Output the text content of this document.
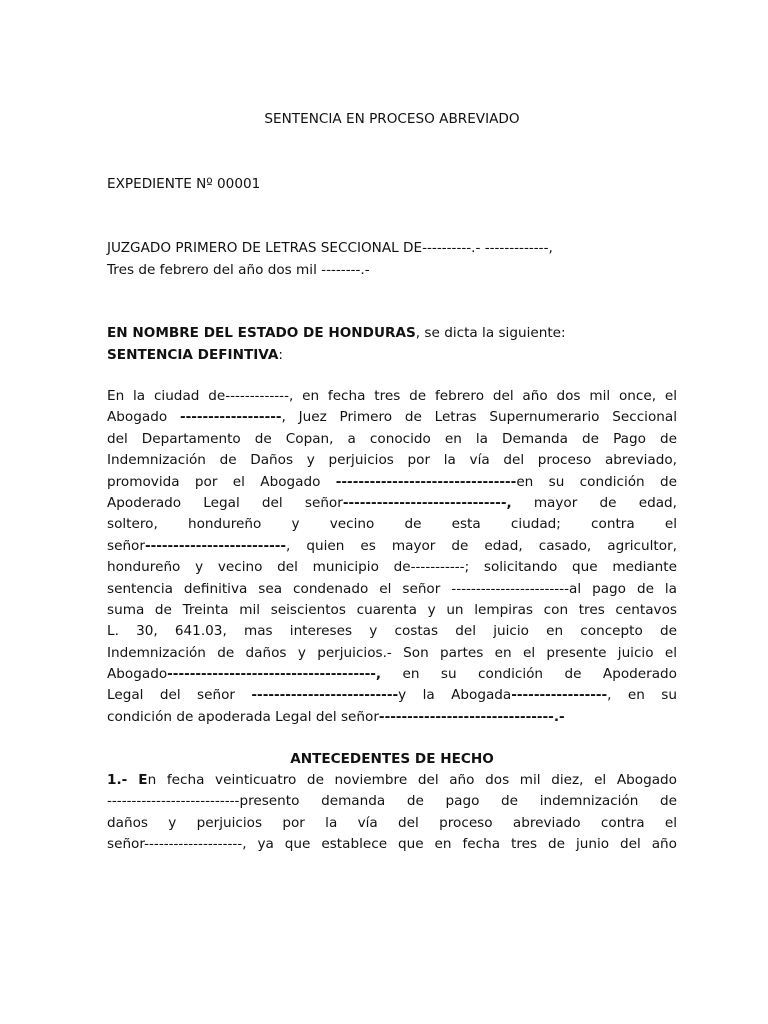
SENTENCIA EN PROCESO ABREVIADO
EXPEDIENTE Nº 00001
JUZGADO PRIMERO DE LETRAS SECCIONAL DE----------.- -------------,
Tres de febrero del año dos mil --------.-
EN NOMBRE DEL ESTADO DE HONDURAS, se dicta la siguiente:
SENTENCIA DEFINTIVA:
En la ciudad de-------------, en fecha tres de febrero del año dos mil once, el
Abogado ------------------, Juez Primero de Letras Supernumerario Seccional
del Departamento de Copan, a conocido en la Demanda de Pago de
Indemnización de Daños y perjuicios por la vía del proceso abreviado,
promovida por el Abogado --------------------------------en su condición de
Apoderado Legal del señor-----------------------------, mayor de edad,
soltero, hondureño y vecino de esta ciudad; contra el
señor-------------------------, quien es mayor de edad, casado, agricultor,
hondureño y vecino del municipio de-----------; solicitando que mediante
sentencia definitiva sea condenado el señor ------------------------al pago de la
suma de Treinta mil seiscientos cuarenta y un lempiras con tres centavos
L. 30, 641.03, mas intereses y costas del juicio en concepto de
Indemnización de daños y perjuicios.- Son partes en el presente juicio el
Abogado-------------------------------------, en su condición de Apoderado
Legal del señor --------------------------y la Abogada-----------------, en su
condición de apoderada Legal del señor-------------------------------.-
ANTECEDENTES DE HECHO
1.- En fecha veinticuatro de noviembre del año dos mil diez, el Abogado
---------------------------presento demanda de pago de indemnización de
daños y perjuicios por la vía del proceso abreviado contra el
señor--------------------, ya que establece que en fecha tres de junio del año
